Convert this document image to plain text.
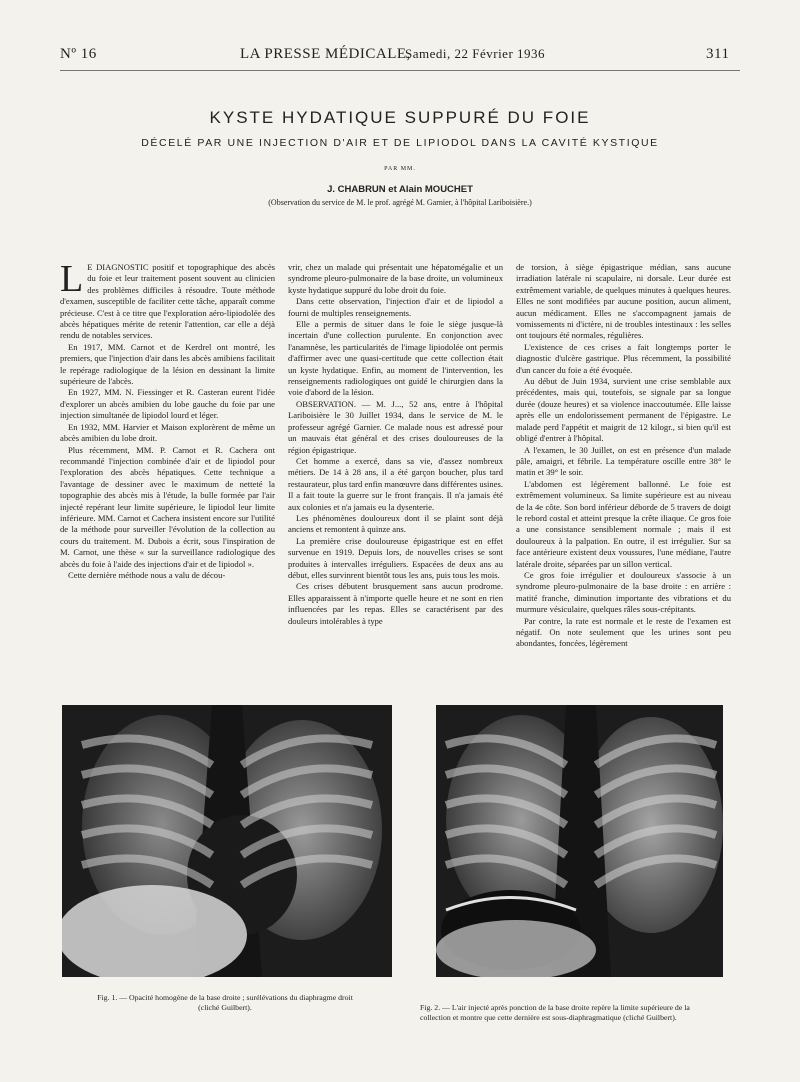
Nº 16	LA PRESSE MÉDICALE,
Samedi, 22 Février 1936	311
KYSTE HYDATIQUE SUPPURÉ DU FOIE
DÉCELÉ PAR UNE INJECTION D'AIR ET DE LIPIODOL DANS LA CAVITÉ KYSTIQUE
PAR MM.
J. CHABRUN et Alain MOUCHET
(Observation du service de M. le prof. agrégé M. Garnier, à l'hôpital Lariboisière.)

L E DIAGNOSTIC positif et topographique des abcès du foie et leur traitement posent souvent au clinicien des problèmes difficiles à résoudre. Toute méthode d'examen, susceptible de faciliter cette tâche, apparaît comme précieuse. C'est à ce titre que l'exploration aéro-lipiodolée des abcès hépatiques mérite de retenir l'attention, car elle a déjà rendu de notables services.

En 1917, MM. Carnot et de Kerdrel ont montré, les premiers, que l'injection d'air dans les abcès amibiens facilitait le repérage radiologique de la lésion en dessinant la limite supérieure de l'abcès.

En 1927, MM. N. Fiessinger et R. Casteran eurent l'idée d'explorer un abcès amibien du lobe gauche du foie par une injection simultanée de lipiodol lourd et léger.

En 1932, MM. Harvier et Maison explorèrent de même un abcès amibien du lobe droit.

Plus récemment, MM. P. Carnot et R. Cachera ont recommandé l'injection combinée d'air et de lipiodol pour l'exploration des abcès hépatiques. Cette technique a l'avantage de dessiner avec le maximum de netteté la topographie des abcès mis à l'étude, la bulle formée par l'air injecté repérant leur limite supérieure, le lipiodol leur limite inférieure. MM. Carnot et Cachera insistent encore sur l'utilité de la méthode pour surveiller l'évolution de la collection au cours du traitement. M. Dubois a écrit, sous l'inspiration de M. Carnot, une thèse « sur la surveillance radiologique des abcès du foie à l'aide des injections d'air et de lipiodol ».

Cette dernière méthode nous a valu de décou-

vrir, chez un malade qui présentait une hépatomégalie et un syndrome pleuro-pulmonaire de la base droite, un volumineux kyste hydatique suppuré du lobe droit du foie.

Dans cette observation, l'injection d'air et de lipiodol a fourni de multiples renseignements.

Elle a permis de situer dans le foie le siège jusque-là incertain d'une collection purulente. En conjonction avec l'anamnèse, les particularités de l'image lipiodolée ont permis d'affirmer avec une quasi-certitude que cette collection était un kyste hydatique. Enfin, au moment de l'intervention, les renseignements radiologiques ont guidé le chirurgien dans la voie d'abord de la lésion.

OBSERVATION. — M. J..., 52 ans, entre à l'hôpital Lariboisière le 30 Juillet 1934, dans le service de M. le professeur agrégé Garnier. Ce malade nous est adressé pour un mauvais état général et des crises douloureuses de la région épigastrique.

Cet homme a exercé, dans sa vie, d'assez nombreux métiers. De 14 à 28 ans, il a été garçon boucher, plus tard restaurateur, plus tard enfin manœuvre dans différentes usines. Il a fait toute la guerre sur le front français. Il n'a jamais été aux colonies et n'a jamais eu la dysenterie.

Les phénomènes douloureux dont il se plaint sont déjà anciens et remontent à quinze ans.

La première crise douloureuse épigastrique est en effet survenue en 1919. Depuis lors, de nouvelles crises se sont produites à intervalles irréguliers. Espacées de deux ans au début, elles survinrent bientôt tous les ans, puis tous les mois.

Ces crises débutent brusquement sans aucun prodrome. Elles apparaissent à n'importe quelle heure et ne sont en rien influencées par les repas. Elles se caractérisent par des douleurs intolérables à type

de torsion, à siège épigastrique médian, sans aucune irradiation latérale ni scapulaire, ni dorsale. Leur durée est extrêmement variable, de quelques minutes à quelques heures. Elles ne sont modifiées par aucune position, aucun aliment, aucun médicament. Elles ne s'accompagnent jamais de vomissements ni d'ictère, ni de troubles intestinaux : les selles ont toujours été normales, régulières.

L'existence de ces crises a fait longtemps porter le diagnostic d'ulcère gastrique. Plus récemment, la possibilité d'un cancer du foie a été évoquée.

Au début de Juin 1934, survient une crise semblable aux précédentes, mais qui, toutefois, se signale par sa longue durée (douze heures) et sa violence inaccoutumée. Elle laisse après elle un endolorissement permanent de l'épigastre. Le malade perd l'appétit et maigrit de 12 kilogr., si bien qu'il est obligé d'entrer à l'hôpital.

A l'examen, le 30 Juillet, on est en présence d'un malade pâle, amaigri, et fébrile. La température oscille entre 38° le matin et 39° le soir.

L'abdomen est légèrement ballonné. Le foie est extrêmement volumineux. Sa limite supérieure est au niveau de la 4e côte. Son bord inférieur déborde de 5 travers de doigt le rebord costal et atteint presque la crête iliaque. Ce gros foie a une consistance sensiblement normale ; mais il est douloureux à la palpation. En outre, il est irrégulier. Sur sa face antérieure existent deux voussures, l'une médiane, l'autre latérale droite, séparées par un sillon vertical.

Ce gros foie irrégulier et douloureux s'associe à un syndrome pleuro-pulmonaire de la base droite : en arrière : matité franche, diminution importante des vibrations et du murmure vésiculaire, quelques râles sous-crépitants.

Par contre, la rate est normale et le reste de l'examen est négatif. On note seulement que les urines sont peu abondantes, foncées, légèrement

Fig. 1. — Opacité homogène de la base droite ; surélévations du diaphragme droit (cliché Guilbert).	Fig. 2. — L'air injecté après ponction de la base droite repère la limite supérieure de la collection et montre que cette dernière est sous-diaphragmatique (cliché Guilbert).
